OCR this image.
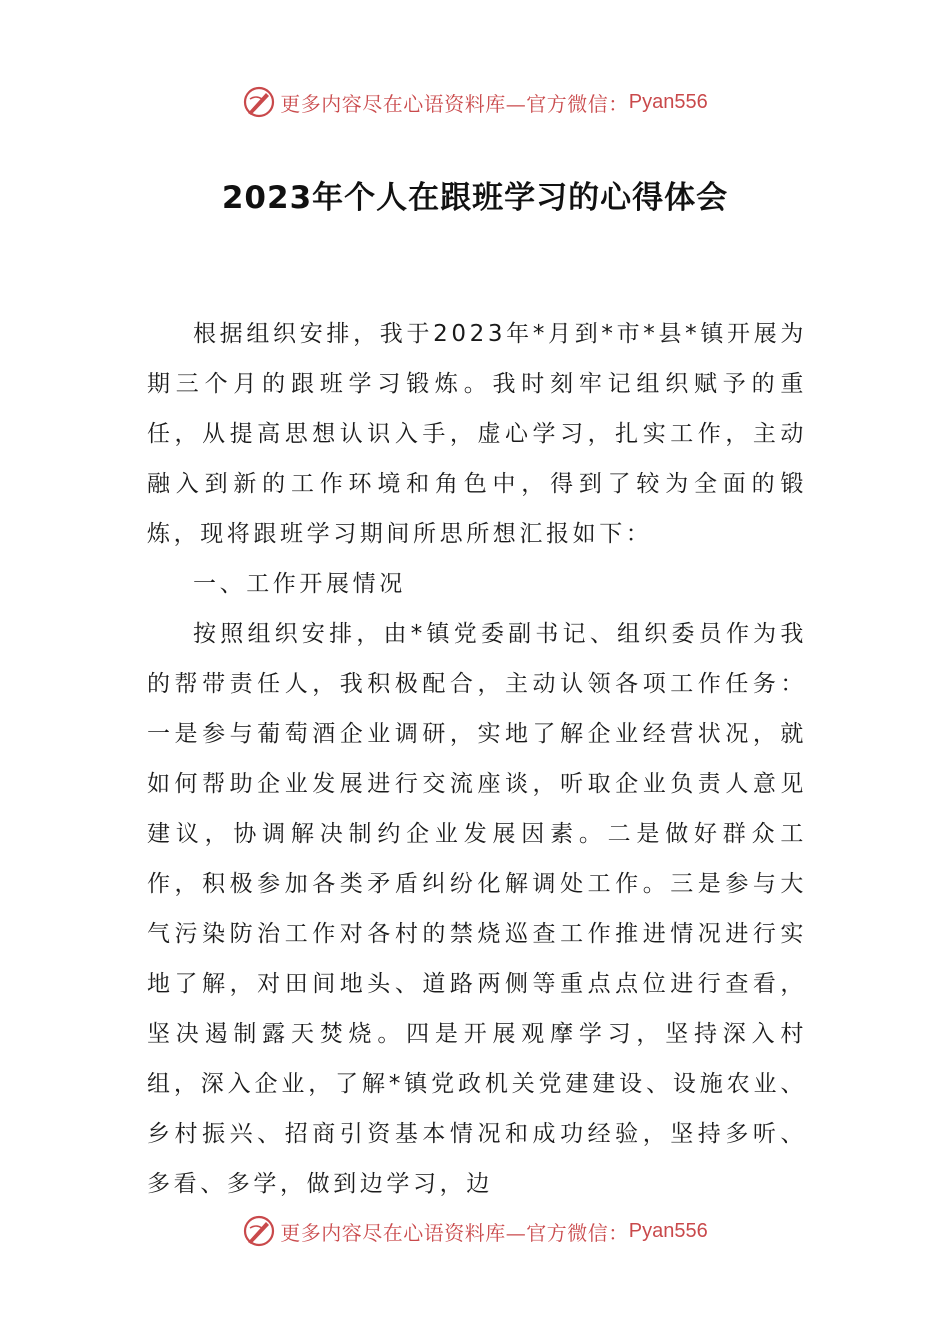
更多内容尽在心语资料库—官方微信： Pyan556
2023年个人在跟班学习的心得体会

根据组织安排，我于2023年*月到*市*县*镇开展为期三个月的跟班学习锻炼。我时刻牢记组织赋予的重任，从提高思想认识入手，虚心学习，扎实工作，主动融入到新的工作环境和角色中，得到了较为全面的锻炼，现将跟班学习期间所思所想汇报如下：

一、工作开展情况

按照组织安排，由*镇党委副书记、组织委员作为我的帮带责任人，我积极配合，主动认领各项工作任务：一是参与葡萄酒企业调研，实地了解企业经营状况，就如何帮助企业发展进行交流座谈，听取企业负责人意见建议，协调解决制约企业发展因素。二是做好群众工作，积极参加各类矛盾纠纷化解调处工作。三是参与大气污染防治工作对各村的禁烧巡查工作推进情况进行实地了解，对田间地头、道路两侧等重点点位进行查看，坚决遏制露天焚烧。四是开展观摩学习，坚持深入村组，深入企业，了解*镇党政机关党建建设、设施农业、乡村振兴、招商引资基本情况和成功经验，坚持多听、多看、多学，做到边学习，边

更多内容尽在心语资料库—官方微信： Pyan556
